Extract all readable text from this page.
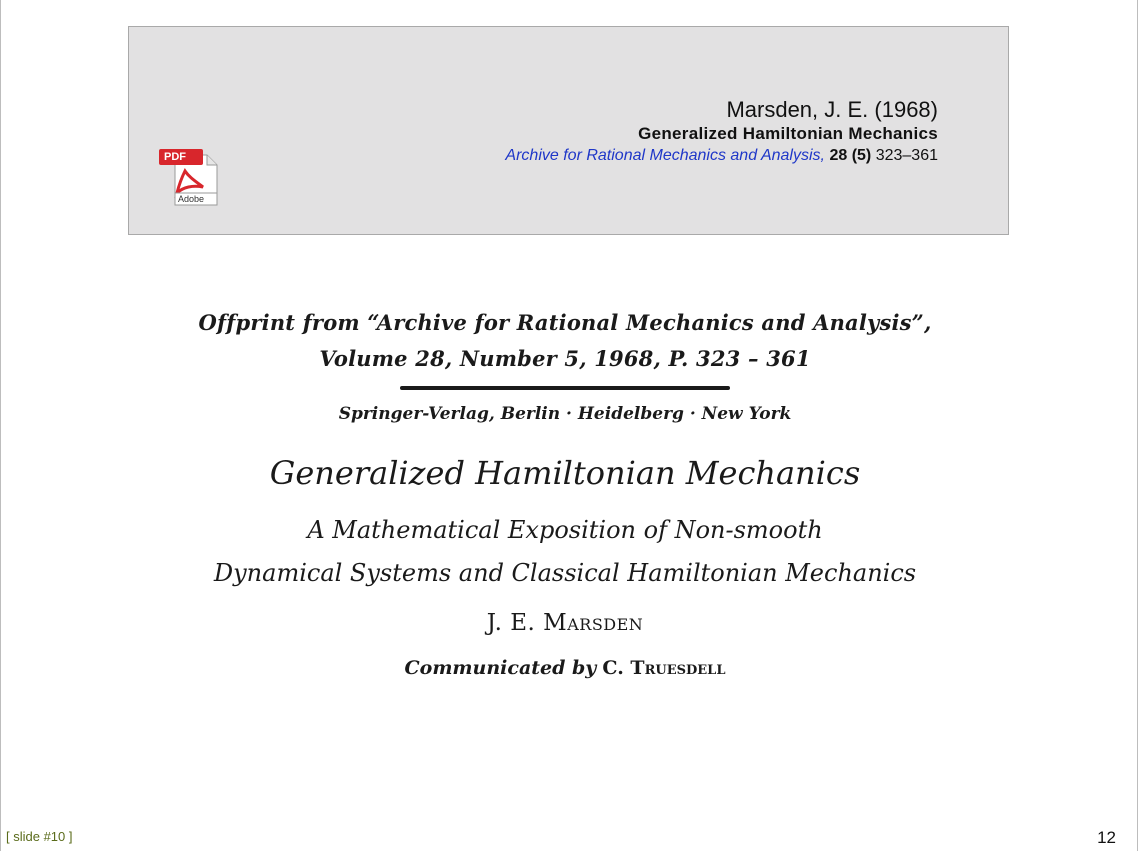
PDF
Adobe
Marsden, J. E. (1968)
Generalized Hamiltonian Mechanics
Archive for Rational Mechanics and Analysis, 28 (5) 323–361
Offprint from “Archive for Rational Mechanics and Analysis”,
Volume 28, Number 5, 1968, P. 323 – 361
Springer-Verlag, Berlin · Heidelberg · New York
Generalized Hamiltonian Mechanics
A Mathematical Exposition of Non-smooth
Dynamical Systems and Classical Hamiltonian Mechanics
J. E. Marsden
Communicated by C. Truesdell
[ slide #10 ]	12
